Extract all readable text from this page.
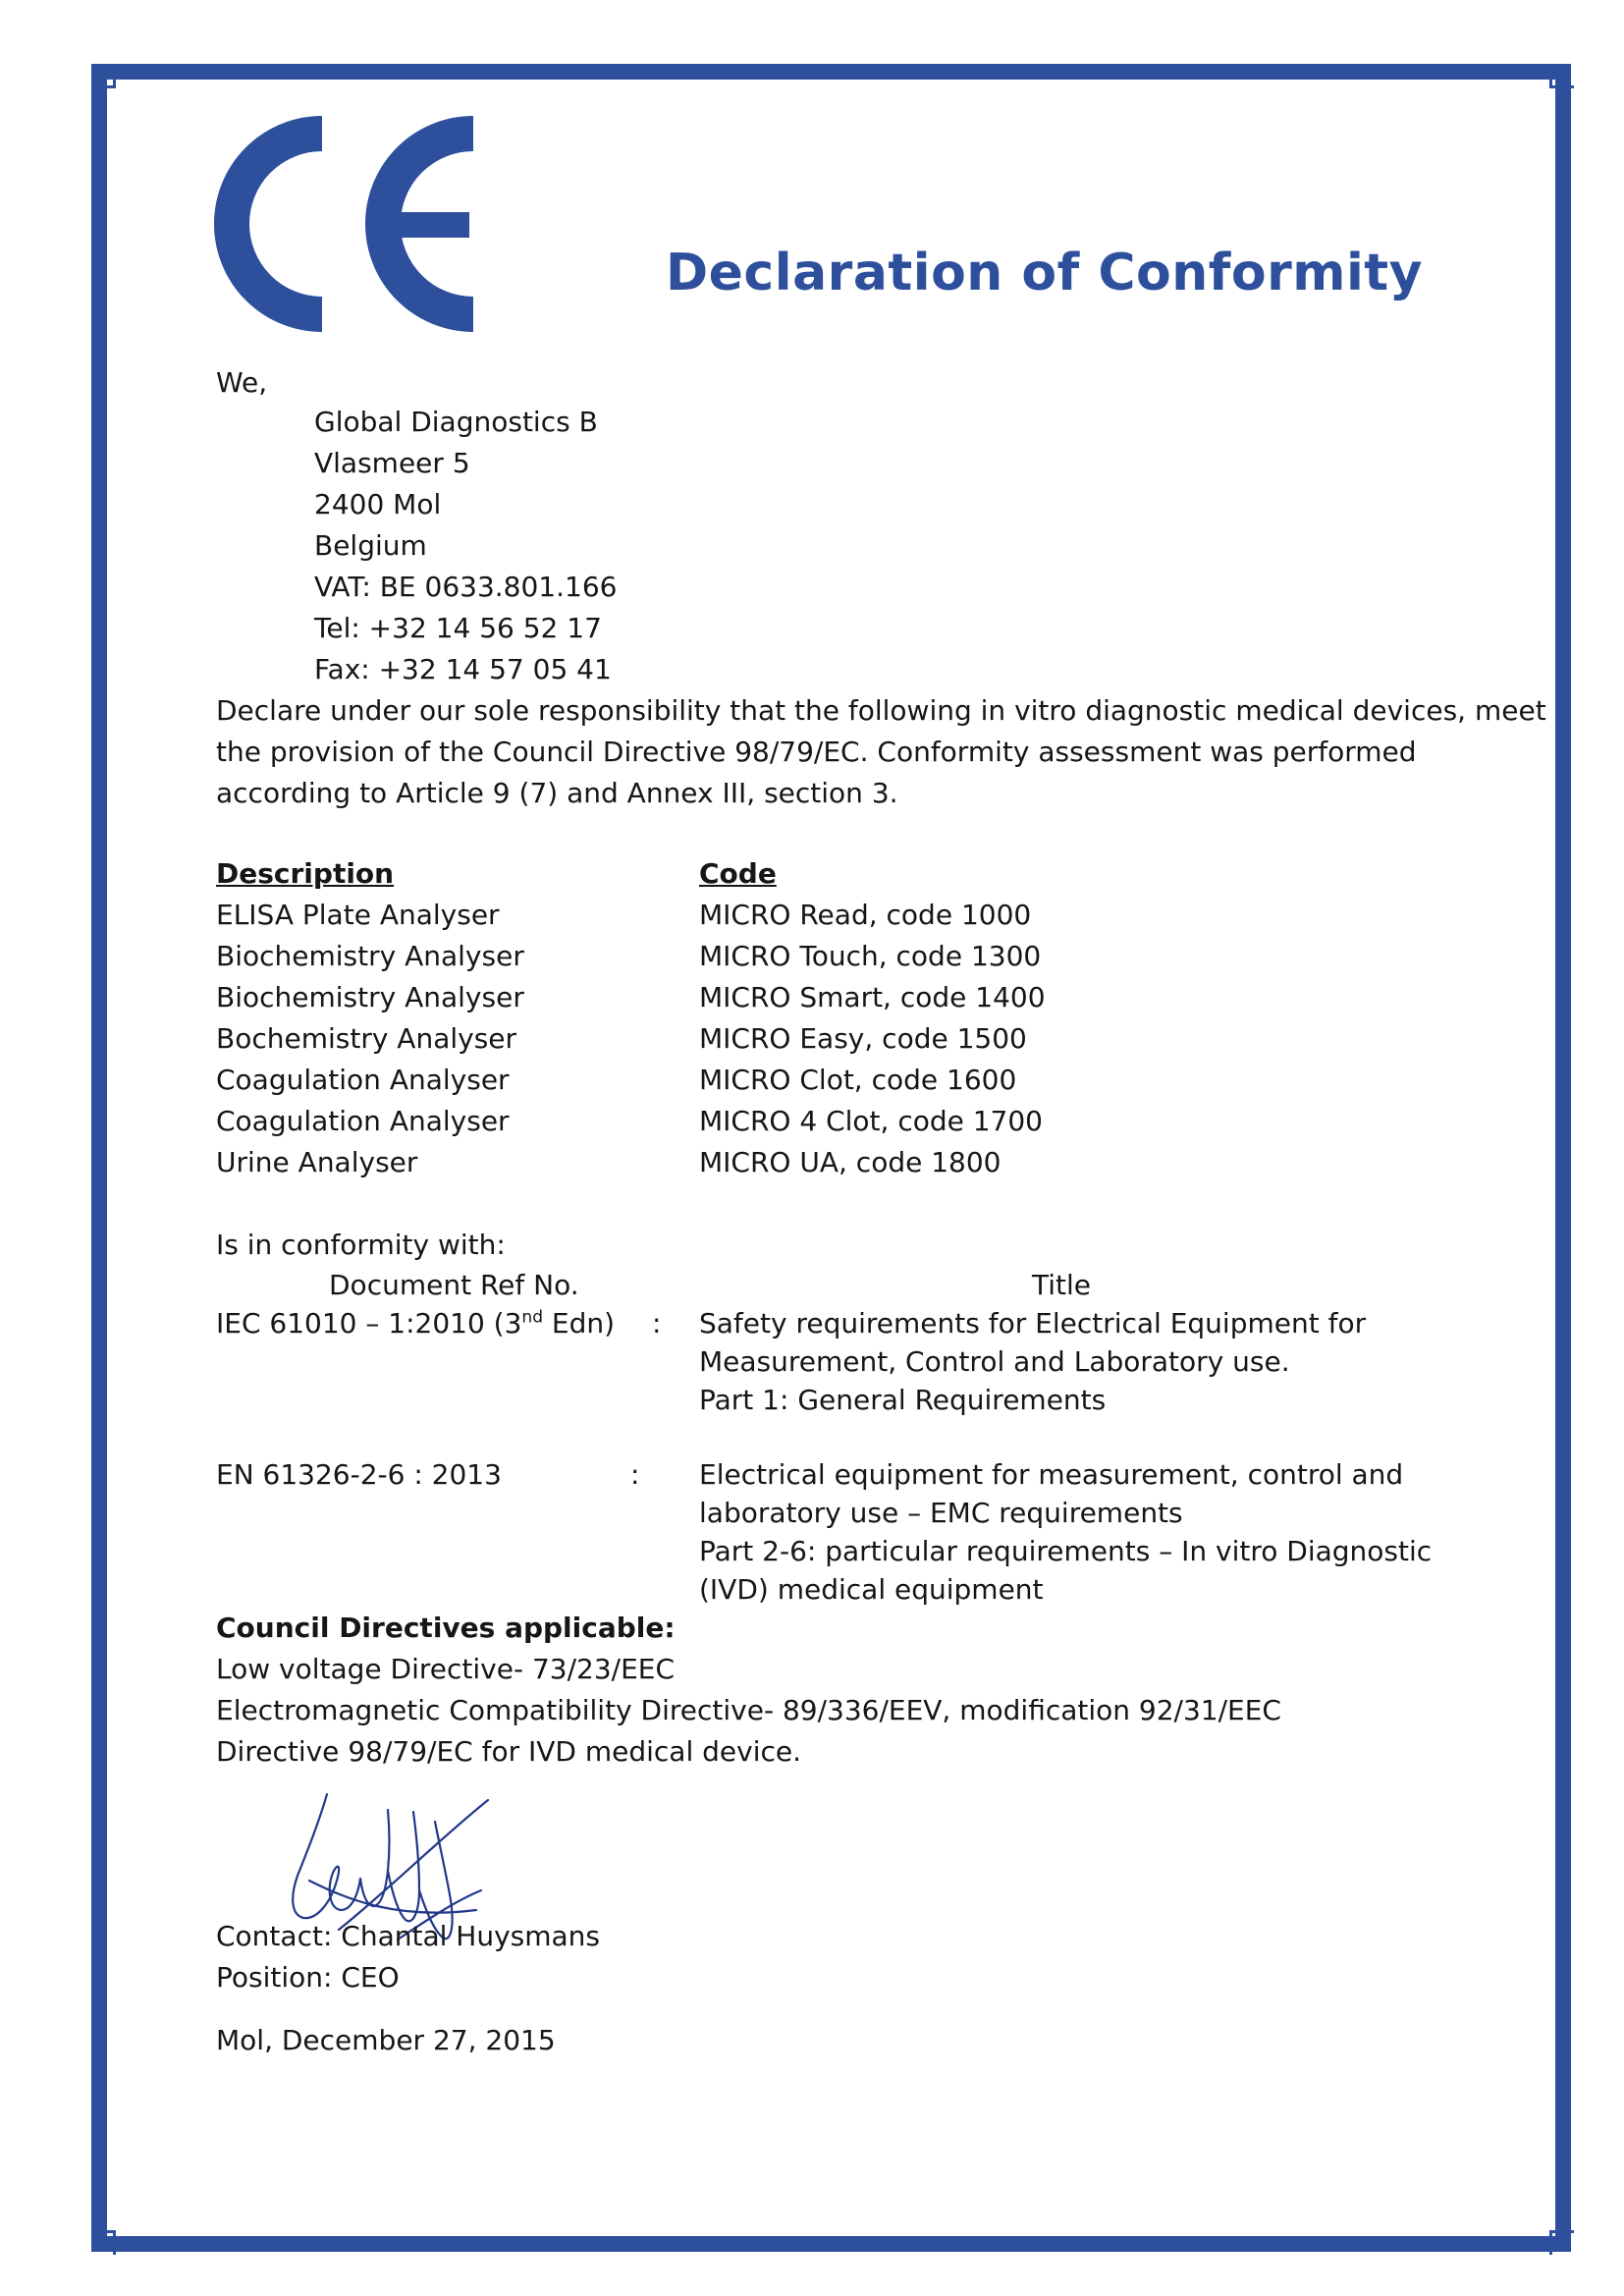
Declaration of Conformity
We,
Global Diagnostics B
Vlasmeer 5
2400 Mol
Belgium
VAT: BE 0633.801.166
Tel: +32 14 56 52 17
Fax: +32 14 57 05 41
Declare under our sole responsibility that the following in vitro diagnostic medical devices, meet
the provision of the Council Directive 98/79/EC. Conformity assessment was performed
according to Article 9 (7) and Annex III, section 3.
Description	Code
ELISA Plate Analyser	MICRO Read, code 1000
Biochemistry Analyser	MICRO Touch, code 1300
Biochemistry Analyser	MICRO Smart, code 1400
Bochemistry Analyser	MICRO Easy, code 1500
Coagulation Analyser	MICRO Clot, code 1600
Coagulation Analyser	MICRO 4 Clot, code 1700
Urine Analyser	MICRO UA, code 1800
Is in conformity with:
Document Ref No.	Title
IEC 61010 – 1:2010 (3nd Edn) : Safety requirements for Electrical Equipment for
Measurement, Control and Laboratory use.
Part 1: General Requirements
EN 61326-2-6 : 2013	: Electrical equipment for measurement, control and
laboratory use – EMC requirements
Part 2-6: particular requirements – In vitro Diagnostic
(IVD) medical equipment
Council Directives applicable:
Low voltage Directive- 73/23/EEC
Electromagnetic Compatibility Directive- 89/336/EEV, modification 92/31/EEC
Directive 98/79/EC for IVD medical device.
Contact: Chantal Huysmans
Position: CEO
Mol, December 27, 2015
